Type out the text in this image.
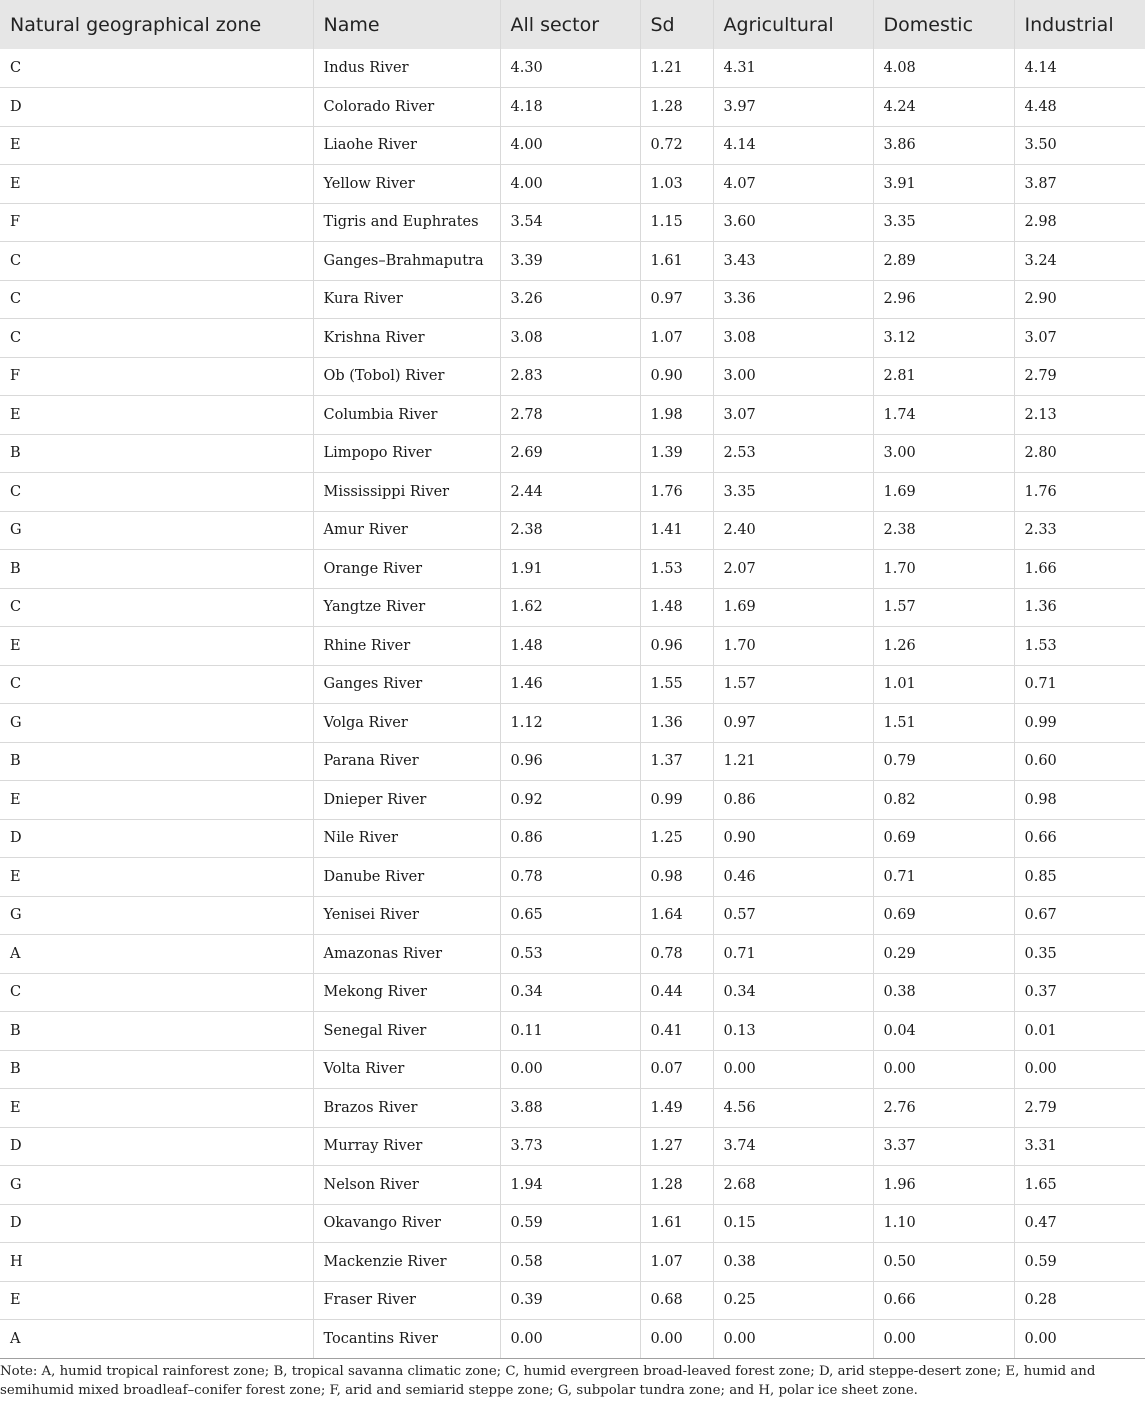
Natural geographical zone	Name	All sector	Sd	Agricultural	Domestic	Industrial
C	Indus River	4.30	1.21	4.31	4.08	4.14
D	Colorado River	4.18	1.28	3.97	4.24	4.48
E	Liaohe River	4.00	0.72	4.14	3.86	3.50
E	Yellow River	4.00	1.03	4.07	3.91	3.87
F	Tigris and Euphrates	3.54	1.15	3.60	3.35	2.98
C	Ganges–Brahmaputra	3.39	1.61	3.43	2.89	3.24
C	Kura River	3.26	0.97	3.36	2.96	2.90
C	Krishna River	3.08	1.07	3.08	3.12	3.07
F	Ob (Tobol) River	2.83	0.90	3.00	2.81	2.79
E	Columbia River	2.78	1.98	3.07	1.74	2.13
B	Limpopo River	2.69	1.39	2.53	3.00	2.80
C	Mississippi River	2.44	1.76	3.35	1.69	1.76
G	Amur River	2.38	1.41	2.40	2.38	2.33
B	Orange River	1.91	1.53	2.07	1.70	1.66
C	Yangtze River	1.62	1.48	1.69	1.57	1.36
E	Rhine River	1.48	0.96	1.70	1.26	1.53
C	Ganges River	1.46	1.55	1.57	1.01	0.71
G	Volga River	1.12	1.36	0.97	1.51	0.99
B	Parana River	0.96	1.37	1.21	0.79	0.60
E	Dnieper River	0.92	0.99	0.86	0.82	0.98
D	Nile River	0.86	1.25	0.90	0.69	0.66
E	Danube River	0.78	0.98	0.46	0.71	0.85
G	Yenisei River	0.65	1.64	0.57	0.69	0.67
A	Amazonas River	0.53	0.78	0.71	0.29	0.35
C	Mekong River	0.34	0.44	0.34	0.38	0.37
B	Senegal River	0.11	0.41	0.13	0.04	0.01
B	Volta River	0.00	0.07	0.00	0.00	0.00
E	Brazos River	3.88	1.49	4.56	2.76	2.79
D	Murray River	3.73	1.27	3.74	3.37	3.31
G	Nelson River	1.94	1.28	2.68	1.96	1.65
D	Okavango River	0.59	1.61	0.15	1.10	0.47
H	Mackenzie River	0.58	1.07	0.38	0.50	0.59
E	Fraser River	0.39	0.68	0.25	0.66	0.28
A	Tocantins River	0.00	0.00	0.00	0.00	0.00
Note: A, humid tropical rainforest zone; B, tropical savanna climatic zone; C, humid evergreen broad-leaved forest zone; D, arid steppe-desert zone; E, humid and semihumid mixed broadleaf–conifer forest zone; F, arid and semiarid steppe zone; G, subpolar tundra zone; and H, polar ice sheet zone.
